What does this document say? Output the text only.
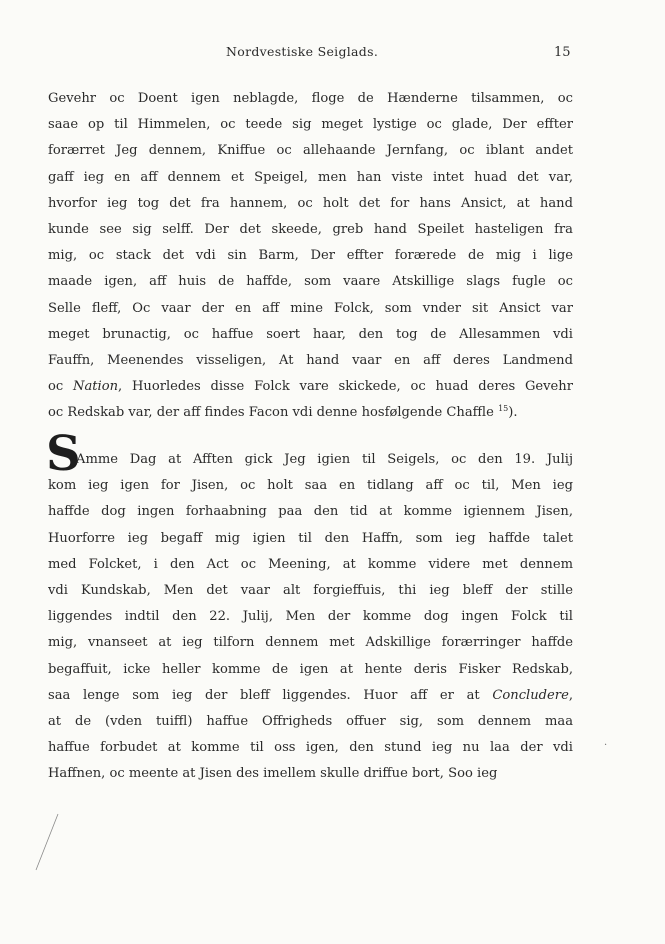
Nordvestiske Seiglads.	15
Gevehr oc Doent igen neblagde, floge de Hænderne tilsammen, oc
saae op til Himmelen, oc teede sig meget lystige oc glade, Der effter
forærret Jeg dennem, Kniffue oc allehaande Jernfang, oc iblant andet
gaff ieg en aff dennem et Speigel, men han viste intet huad det var,
hvorfor ieg tog det fra hannem, oc holt det for hans Ansict, at hand
kunde see sig selff. Der det skeede, greb hand Speilet hasteligen fra
mig, oc stack det vdi sin Barm, Der effter forærede de mig i lige
maade igen, aff huis de haffde, som vaare Atskillige slags fugle oc
Selle fleff, Oc vaar der en aff mine Folck, som vnder sit Ansict var
meget brunactig, oc haffue soert haar, den tog de Allesammen vdi
Fauffn, Meenendes visseligen, At hand vaar en aff deres Landmend
oc Nation, Huorledes disse Folck vare skickede, oc huad deres Gevehr
oc Redskab var, der aff findes Facon vdi denne hosfølgende Chaffle $^{15}$).
S
Amme Dag at Afften gick Jeg igien til Seigels, oc den 19. Julij
kom ieg igen for Jisen, oc holt saa en tidlang aff oc til, Men ieg
haffde dog ingen forhaabning paa den tid at komme igiennem Jisen,
Huorforre ieg begaff mig igien til den Haffn, som ieg haffde talet
med Folcket, i den Act oc Meening, at komme videre met dennem
vdi Kundskab, Men det vaar alt forgieffuis, thi ieg bleff der stille
liggendes indtil den 22. Julij, Men der komme dog ingen Folck til
mig, vnanseet at ieg tilforn dennem met Adskillige forærringer haffde
begaffuit, icke heller komme de igen at hente deris Fisker Redskab,
saa lenge som ieg der bleff liggendes. Huor aff er at Concludere,
at de (vden tuiffl) haffue Offrigheds offuer sig, som dennem maa
haffue forbudet at komme til oss igen, den stund ieg nu laa der vdi
Haffnen, oc meente at Jisen des imellem skulle driffue bort, Soo ieg
·
